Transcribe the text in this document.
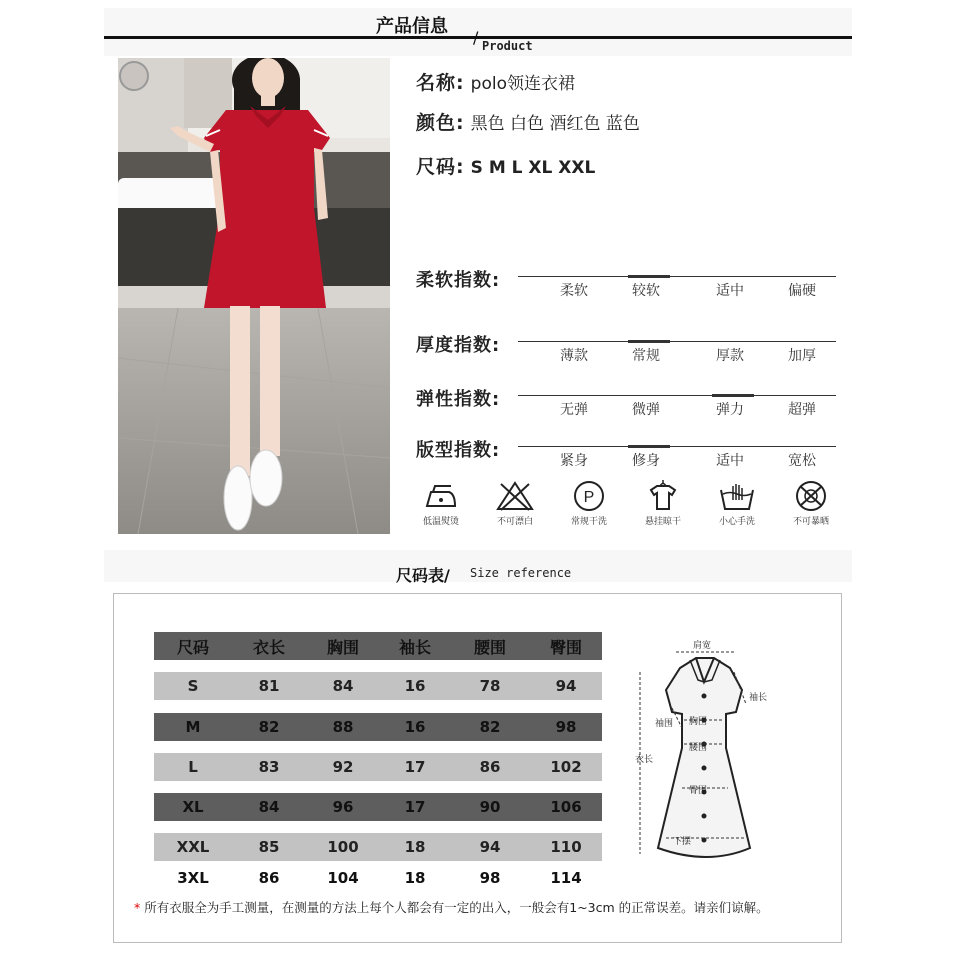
产品信息
/ Product
名称: polo领连衣裙
颜色: 黑色 白色 酒红色 蓝色
尺码: S M L XL XXL
柔软指数:	柔软	较软	适中	偏硬
厚度指数:	薄款	常规	厚款	加厚
弹性指数:	无弹	微弹	弹力	超弹
版型指数:	紧身	修身	适中	宽松
低温熨烫	不可漂白
P
常规干洗	悬挂晾干	小心手洗	不可暴晒
尺码表/ Size reference
尺码	衣长	胸围	袖长	腰围	臀围
S	81	84	16	78	94
M	82	88	16	82	98
L	83	92	17	86	102
XL	84	96	17	90	106
XXL	85	100	18	94	110
3XL	86	104	18	98	114
肩宽
袖长
袖围 胸围
腰围
衣长
臀围
下摆
* 所有衣服全为手工测量，在测量的方法上每个人都会有一定的出入，一般会有1~3cm 的正常误差。请亲们谅解。
